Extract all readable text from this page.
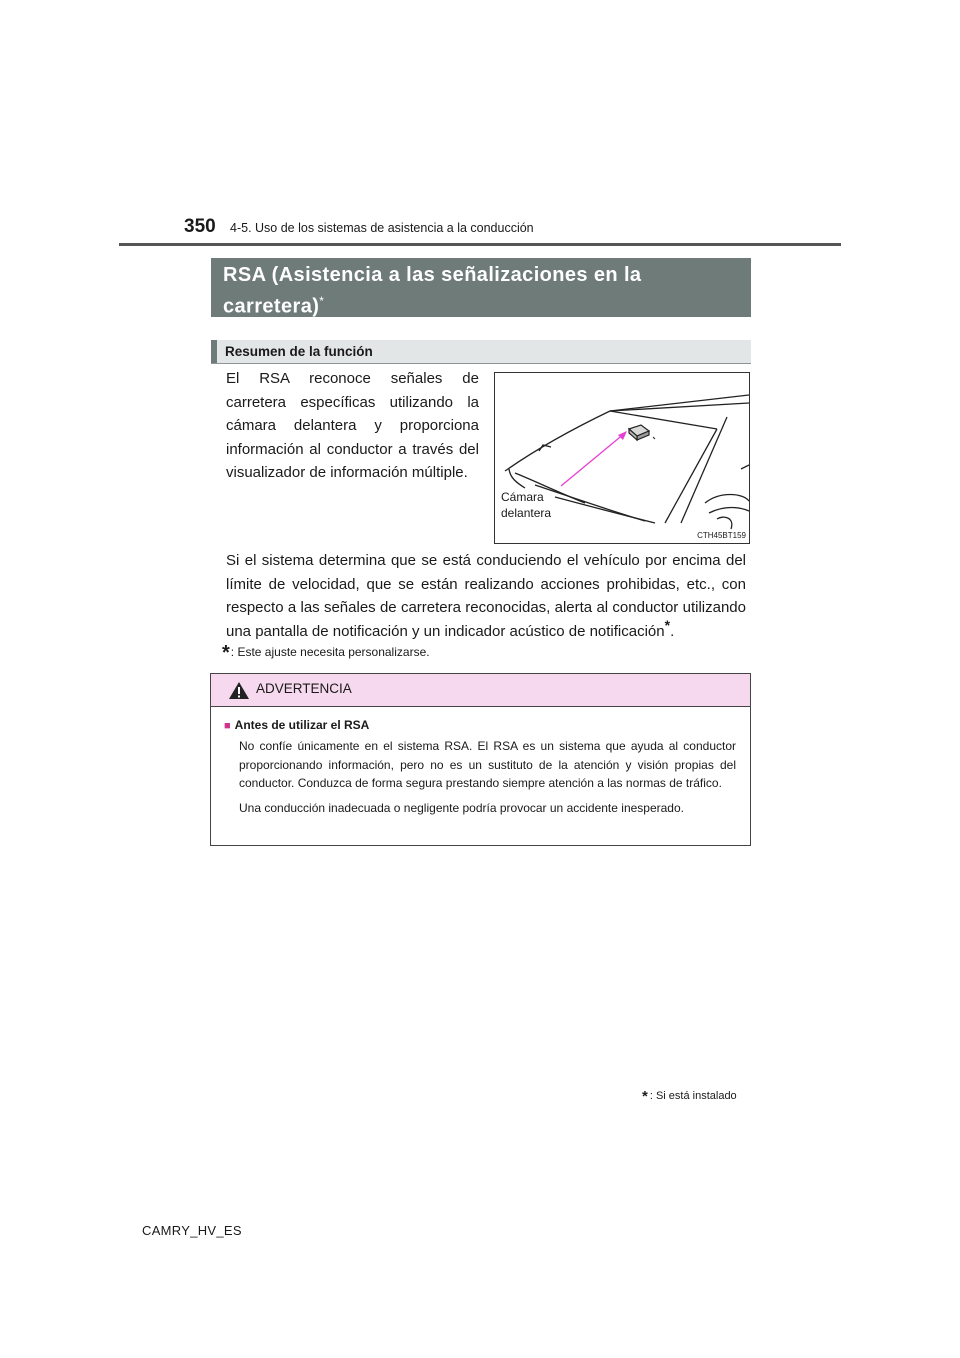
350 4-5. Uso de los sistemas de asistencia a la conducción
RSA (Asistencia a las señalizaciones en la carretera)*
Resumen de la función

El RSA reconoce señales de carretera específicas utilizando la cámara delantera y proporciona información al conductor a través del visualizador de información múltiple.

Cámara
delantera
CTH45BT159

Si el sistema determina que se está conduciendo el vehículo por encima del límite de velocidad, que se están realizando acciones prohibidas, etc., con respecto a las señales de carretera reconocidas, alerta al conductor utilizando una pantalla de notificación y un indicador acústico de notificación*.

*: Este ajuste necesita personalizarse.
ADVERTENCIA
■ Antes de utilizar el RSA

No confíe únicamente en el sistema RSA. El RSA es un sistema que ayuda al conductor proporcionando información, pero no es un sustituto de la atención y visión propias del conductor. Conduzca de forma segura prestando siempre atención a las normas de tráfico.

Una conducción inadecuada o negligente podría provocar un accidente inesperado.

* : Si está instalado
CAMRY_HV_ES
